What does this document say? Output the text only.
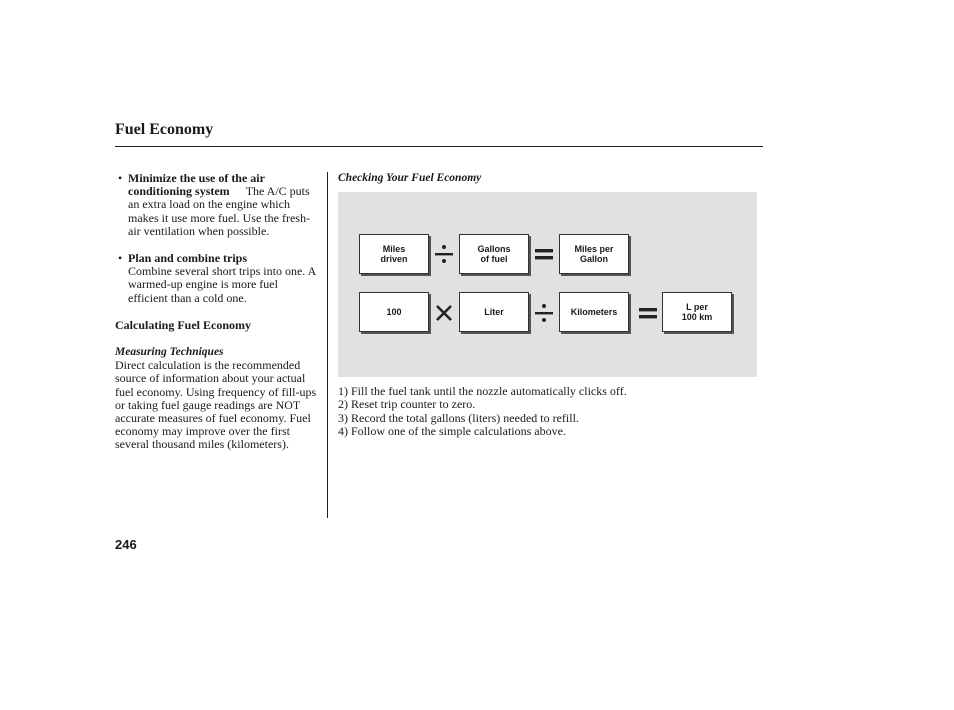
Fuel Economy
• Minimize the use of the air conditioning system The A/C puts an extra load on the engine which makes it use more fuel. Use the fresh-air ventilation when possible.
• Plan and combine trips
Combine several short trips into one. A warmed-up engine is more fuel efficient than a cold one.
Calculating Fuel Economy
Measuring Techniques
Direct calculation is the recommended source of information about your actual fuel economy. Using frequency of fill-ups or taking fuel gauge readings are NOT accurate measures of fuel economy. Fuel economy may improve over the first several thousand miles (kilometers).
Checking Your Fuel Economy
Miles
driven
Gallons
of fuel
Miles per
Gallon
100	Liter	Kilometers	L per
100 km
1) Fill the fuel tank until the nozzle automatically clicks off.
2) Reset trip counter to zero.
3) Record the total gallons (liters) needed to refill.
4) Follow one of the simple calculations above.
246
